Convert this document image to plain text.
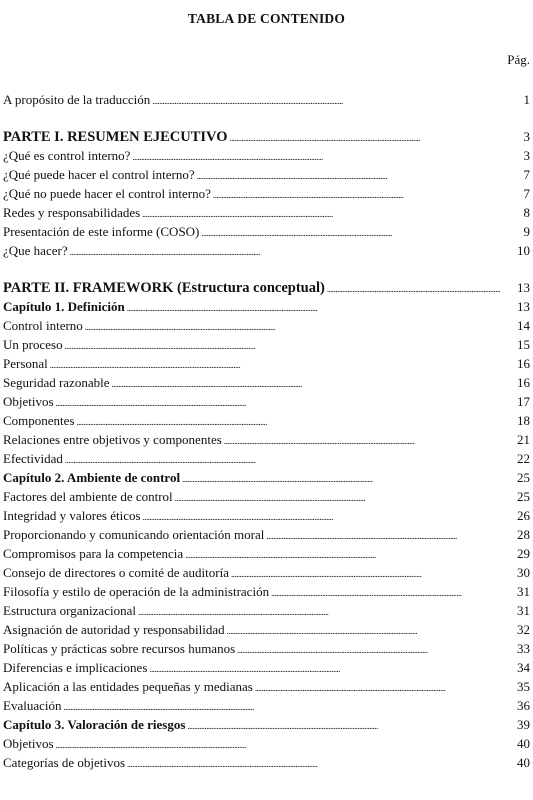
TABLA DE CONTENIDO
Pág.
A propósito de la traducción . . .	1
PARTE I. RESUMEN EJECUTIVO . . .	3
¿Qué es control interno? . . .	3
¿Qué puede hacer el control interno? . . .	7
¿Qué no puede hacer el control interno? . . .	7
Redes y responsabilidades . . .	8
Presentación de este informe (COSO) . . .	9
¿Que hacer? . . .	10
PARTE II. FRAMEWORK (Estructura conceptual) . . .	13
Capítulo 1. Definición . . .	13
Control interno . . .	14
Un proceso . . .	15
Personal . . .	16
Seguridad razonable . . .	16
Objetivos . . .	17
Componentes . . .	18
Relaciones entre objetivos y componentes . . .	21
Efectividad . . .	22
Capítulo 2. Ambiente de control . . .	25
Factores del ambiente de control . . .	25
Integridad y valores éticos . . .	26
Proporcionando y comunicando orientación moral . . .	28
Compromisos para la competencia . . .	29
Consejo de directores o comité de auditoría . . .	30
Filosofía y estilo de operación de la administración . . .	31
Estructura organizacional . . .	31
Asignación de autoridad y responsabilidad . . .	32
Políticas y prácticas sobre recursos humanos . . .	33
Diferencias e implicaciones . . .	34
Aplicación a las entidades pequeñas y medianas . . .	35
Evaluación . . .	36
Capítulo 3. Valoración de riesgos . . .	39
Objetivos . . .	40
Categorías de objetivos . . .	40
